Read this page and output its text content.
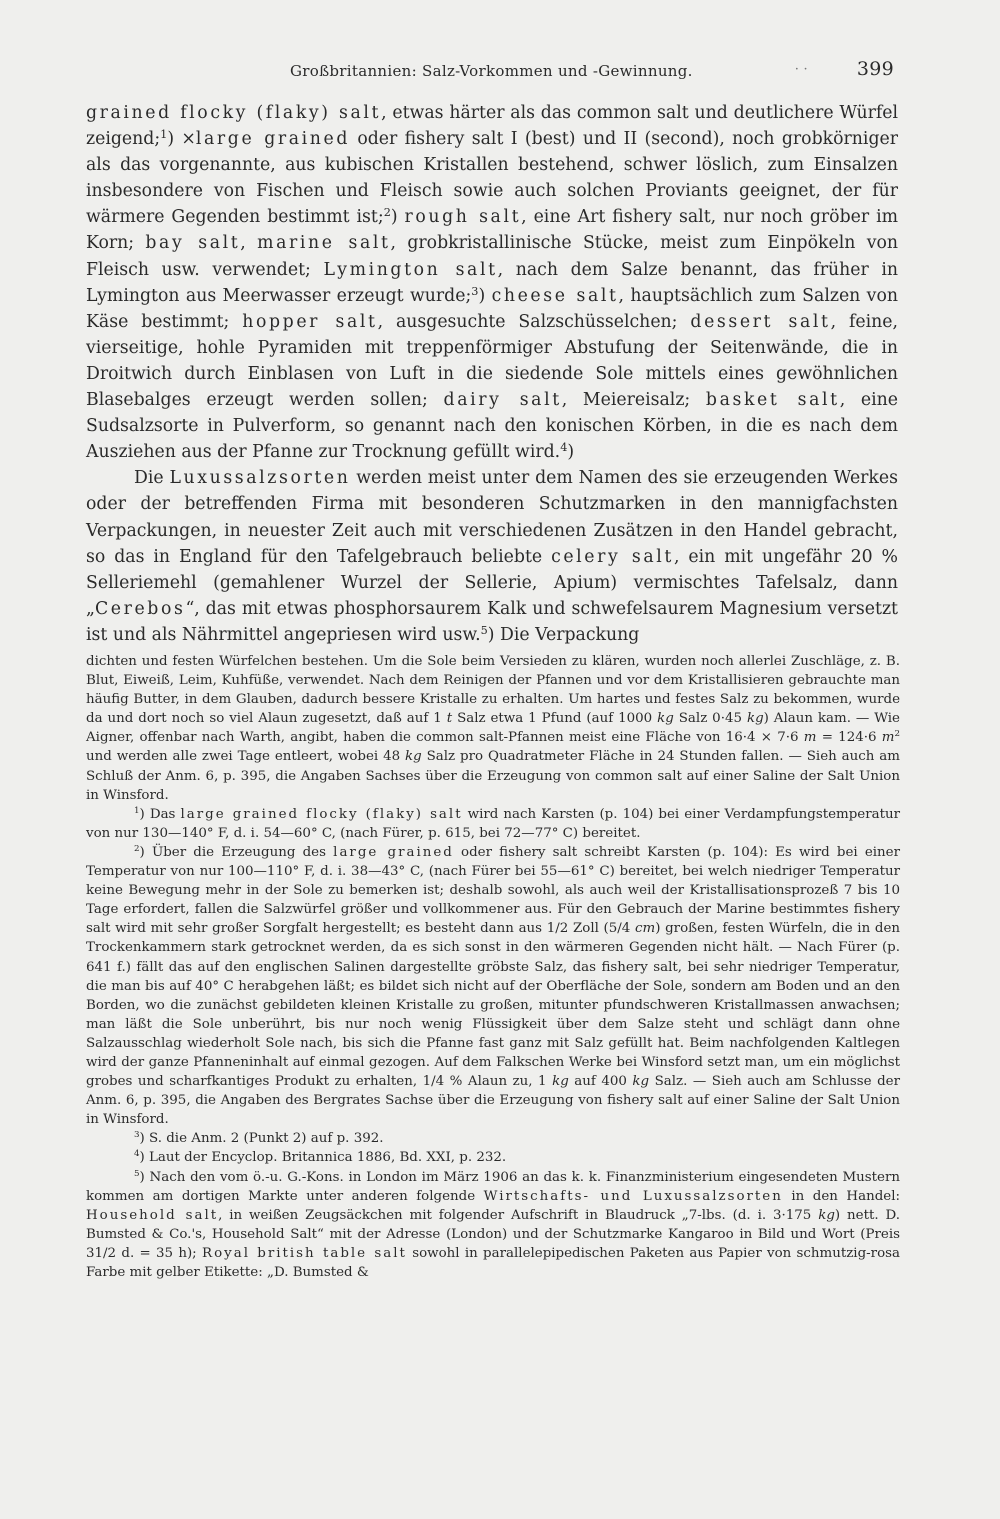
Großbritannien: Salz-Vorkommen und -Gewinnung.	· ·	399

grained flocky (flaky) salt, etwas härter als das common salt und deutlichere Würfel zeigend;$^1$) ×large grained oder fishery salt I (best) und II (second), noch grobkörniger als das vorgenannte, aus kubischen Kristallen bestehend, schwer löslich, zum Einsalzen insbesondere von Fischen und Fleisch sowie auch solchen Proviants geeignet, der für wärmere Gegenden bestimmt ist;$^2$) rough salt, eine Art fishery salt, nur noch gröber im Korn; bay salt, marine salt, grobkristallinische Stücke, meist zum Einpökeln von Fleisch usw. verwendet; Lymington salt, nach dem Salze benannt, das früher in Lymington aus Meerwasser erzeugt wurde;$^3$) cheese salt, hauptsächlich zum Salzen von Käse bestimmt; hopper salt, ausgesuchte Salzschüsselchen; dessert salt, feine, vierseitige, hohle Pyramiden mit treppenförmiger Abstufung der Seitenwände, die in Droitwich durch Einblasen von Luft in die siedende Sole mittels eines gewöhnlichen Blasebalges erzeugt werden sollen; dairy salt, Meiereisalz; basket salt, eine Sudsalzsorte in Pulverform, so genannt nach den konischen Körben, in die es nach dem Ausziehen aus der Pfanne zur Trocknung gefüllt wird.$^4$)

Die Luxussalzsorten werden meist unter dem Namen des sie erzeugenden Werkes oder der betreffenden Firma mit besonderen Schutzmarken in den mannigfachsten Verpackungen, in neuester Zeit auch mit verschiedenen Zusätzen in den Handel gebracht, so das in England für den Tafelgebrauch beliebte celery salt, ein mit ungefähr 20 % Selleriemehl (gemahlener Wurzel der Sellerie, Apium) vermischtes Tafelsalz, dann „Cerebos“, das mit etwas phosphorsaurem Kalk und schwefelsaurem Magnesium versetzt ist und als Nährmittel angepriesen wird usw.$^5$) Die Verpackung

dichten und festen Würfelchen bestehen. Um die Sole beim Versieden zu klären, wurden noch allerlei Zuschläge, z. B. Blut, Eiweiß, Leim, Kuhfüße, verwendet. Nach dem Reinigen der Pfannen und vor dem Kristallisieren gebrauchte man häufig Butter, in dem Glauben, dadurch bessere Kristalle zu erhalten. Um hartes und festes Salz zu bekommen, wurde da und dort noch so viel Alaun zugesetzt, daß auf 1 t Salz etwa 1 Pfund (auf 1000 kg Salz 0·45 kg) Alaun kam. — Wie Aigner, offenbar nach Warth, angibt, haben die common salt-Pfannen meist eine Fläche von 16·4 × 7·6 m = 124·6 $m^2$ und werden alle zwei Tage entleert, wobei 48 kg Salz pro Quadratmeter Fläche in 24 Stunden fallen. — Sieh auch am Schluß der Anm. 6, p. 395, die Angaben Sachses über die Erzeugung von common salt auf einer Saline der Salt Union in Winsford.

$^1$) Das large grained flocky (flaky) salt wird nach Karsten (p. 104) bei einer Verdampfungstemperatur von nur 130—140° F, d. i. 54—60° C, (nach Fürer, p. 615, bei 72—77° C) bereitet.

$^2$) Über die Erzeugung des large grained oder fishery salt schreibt Karsten (p. 104): Es wird bei einer Temperatur von nur 100—110° F, d. i. 38—43° C, (nach Fürer bei 55—61° C) bereitet, bei welch niedriger Temperatur keine Bewegung mehr in der Sole zu bemerken ist; deshalb sowohl, als auch weil der Kristallisationsprozeß 7 bis 10 Tage erfordert, fallen die Salzwürfel größer und vollkommener aus. Für den Gebrauch der Marine bestimmtes fishery salt wird mit sehr großer Sorgfalt hergestellt; es besteht dann aus 1/2 Zoll (5/4 cm) großen, festen Würfeln, die in den Trockenkammern stark getrocknet werden, da es sich sonst in den wärmeren Gegenden nicht hält. — Nach Fürer (p. 641 f.) fällt das auf den englischen Salinen dargestellte gröbste Salz, das fishery salt, bei sehr niedriger Temperatur, die man bis auf 40° C herabgehen läßt; es bildet sich nicht auf der Oberfläche der Sole, sondern am Boden und an den Borden, wo die zunächst gebildeten kleinen Kristalle zu großen, mitunter pfundschweren Kristallmassen anwachsen; man läßt die Sole unberührt, bis nur noch wenig Flüssigkeit über dem Salze steht und schlägt dann ohne Salzausschlag wiederholt Sole nach, bis sich die Pfanne fast ganz mit Salz gefüllt hat. Beim nachfolgenden Kaltlegen wird der ganze Pfanneninhalt auf einmal gezogen. Auf dem Falkschen Werke bei Winsford setzt man, um ein möglichst grobes und scharfkantiges Produkt zu erhalten, 1/4 % Alaun zu, 1 kg auf 400 kg Salz. — Sieh auch am Schlusse der Anm. 6, p. 395, die Angaben des Bergrates Sachse über die Erzeugung von fishery salt auf einer Saline der Salt Union in Winsford.

$^3$) S. die Anm. 2 (Punkt 2) auf p. 392.

$^4$) Laut der Encyclop. Britannica 1886, Bd. XXI, p. 232.

$^5$) Nach den vom ö.-u. G.-Kons. in London im März 1906 an das k. k. Finanzministerium eingesendeten Mustern kommen am dortigen Markte unter anderen folgende Wirtschafts- und Luxussalzsorten in den Handel: Household salt, in weißen Zeugsäckchen mit folgender Aufschrift in Blaudruck „7-lbs. (d. i. 3·175 kg) nett. D. Bumsted & Co.'s, Household Salt“ mit der Adresse (London) und der Schutzmarke Kangaroo in Bild und Wort (Preis 31/2 d. = 35 h); Royal british table salt sowohl in parallelepipedischen Paketen aus Papier von schmutzig-rosa Farbe mit gelber Etikette: „D. Bumsted &
